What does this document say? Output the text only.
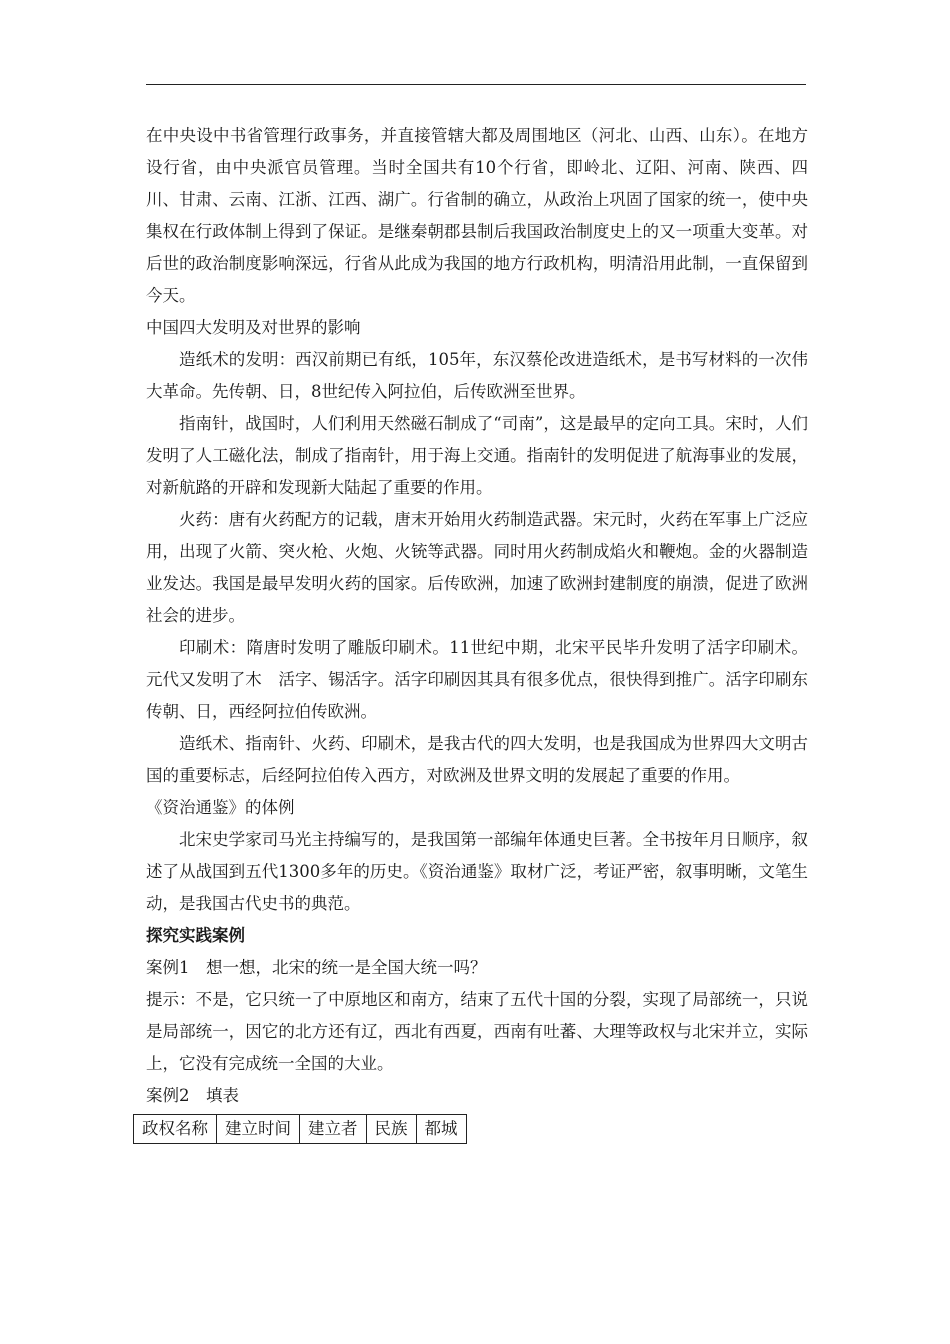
在中央设中书省管理行政事务，并直接管辖大都及周围地区（河北、山西、山东）。在地方设行省，由中央派官员管理。当时全国共有10个行省，即岭北、辽阳、河南、陕西、四川、甘肃、云南、江浙、江西、湖广。行省制的确立，从政治上巩固了国家的统一，使中央集权在行政体制上得到了保证。是继秦朝郡县制后我国政治制度史上的又一项重大变革。对后世的政治制度影响深远，行省从此成为我国的地方行政机构，明清沿用此制，一直保留到今天。

中国四大发明及对世界的影响

造纸术的发明：西汉前期已有纸，105年，东汉蔡伦改进造纸术，是书写材料的一次伟大革命。先传朝、日，8世纪传入阿拉伯，后传欧洲至世界。

指南针，战国时，人们利用天然磁石制成了“司南”，这是最早的定向工具。宋时，人们发明了人工磁化法，制成了指南针，用于海上交通。指南针的发明促进了航海事业的发展，对新航路的开辟和发现新大陆起了重要的作用。

火药：唐有火药配方的记载，唐末开始用火药制造武器。宋元时，火药在军事上广泛应用，出现了火箭、突火枪、火炮、火铳等武器。同时用火药制成焰火和鞭炮。金的火器制造业发达。我国是最早发明火药的国家。后传欧洲，加速了欧洲封建制度的崩溃，促进了欧洲社会的进步。

印刷术：隋唐时发明了雕版印刷术。11世纪中期，北宋平民毕升发明了活字印刷术。元代又发明了木　活字、锡活字。活字印刷因其具有很多优点，很快得到推广。活字印刷东传朝、日，西经阿拉伯传欧洲。

造纸术、指南针、火药、印刷术，是我古代的四大发明，也是我国成为世界四大文明古国的重要标志，后经阿拉伯传入西方，对欧洲及世界文明的发展起了重要的作用。

《资治通鉴》的体例

北宋史学家司马光主持编写的，是我国第一部编年体通史巨著。全书按年月日顺序，叙述了从战国到五代1300多年的历史。《资治通鉴》取材广泛，考证严密，叙事明晰，文笔生动，是我国古代史书的典范。

探究实践案例

案例1　想一想，北宋的统一是全国大统一吗？

提示：不是，它只统一了中原地区和南方，结束了五代十国的分裂，实现了局部统一，只说是局部统一，因它的北方还有辽，西北有西夏，西南有吐蕃、大理等政权与北宋并立，实际上，它没有完成统一全国的大业。

案例2　填表

政权名称	建立时间	建立者	民族	都城
